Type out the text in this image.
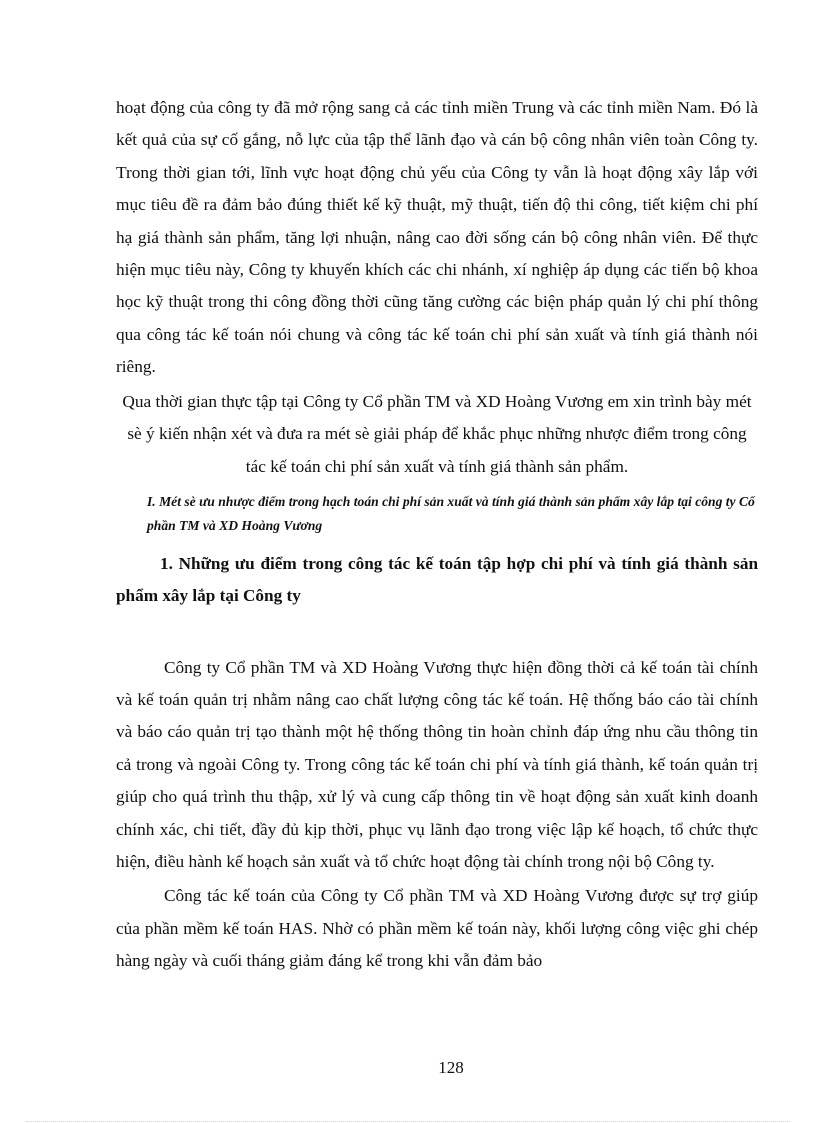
hoạt động của công ty đã mở rộng sang cả các tỉnh miền Trung và các tỉnh miền Nam. Đó là kết quả của sự cố gắng, nỗ lực của tập thể lãnh đạo và cán bộ công nhân viên toàn Công ty. Trong thời gian tới, lĩnh vực hoạt động chủ yếu của Công ty vẫn là hoạt động xây lắp với mục tiêu đề ra đảm bảo đúng thiết kế kỹ thuật, mỹ thuật, tiến độ thi công, tiết kiệm chi phí hạ giá thành sản phẩm, tăng lợi nhuận, nâng cao đời sống cán bộ công nhân viên. Để thực hiện mục tiêu này, Công ty khuyến khích các chi nhánh, xí nghiệp áp dụng các tiến bộ khoa học kỹ thuật trong thi công đồng thời cũng tăng cường các biện pháp quản lý chi phí thông qua công tác kế toán nói chung và công tác kế toán chi phí sản xuất và tính giá thành nói riêng.

Qua thời gian thực tập tại Công ty Cổ phần TM và XD Hoàng Vương em xin trình bày mét sè ý kiến nhận xét và đưa ra mét sè giải pháp để khắc phục những nhược điểm trong công tác kế toán chi phí sản xuất và tính giá thành sản phẩm.

I. Mét sè ưu nhược điểm trong hạch toán chi phí sản xuất và tính giá thành sản phẩm xây lắp tại công ty Cổ phần TM và XD Hoàng Vương

1. Những ưu điểm trong công tác kế toán tập hợp chi phí và tính giá thành sản phẩm xây lắp tại Công ty

Công ty Cổ phần TM và XD Hoàng Vương thực hiện đồng thời cả kế toán tài chính và kế toán quản trị nhằm nâng cao chất lượng công tác kế toán. Hệ thống báo cáo tài chính và báo cáo quản trị tạo thành một hệ thống thông tin hoàn chỉnh đáp ứng nhu cầu thông tin cả trong và ngoài Công ty. Trong công tác kế toán chi phí và tính giá thành, kế toán quản trị giúp cho quá trình thu thập, xử lý và cung cấp thông tin về hoạt động sản xuất kinh doanh chính xác, chi tiết, đầy đủ kịp thời, phục vụ lãnh đạo trong việc lập kế hoạch, tổ chức thực hiện, điều hành kế hoạch sản xuất và tổ chức hoạt động tài chính trong nội bộ Công ty.

Công tác kế toán của Công ty Cổ phần TM và XD Hoàng Vương được sự trợ giúp của phần mềm kế toán HAS. Nhờ có phần mềm kế toán này, khối lượng công việc ghi chép hàng ngày và cuối tháng giảm đáng kể trong khi vẫn đảm bảo

128
